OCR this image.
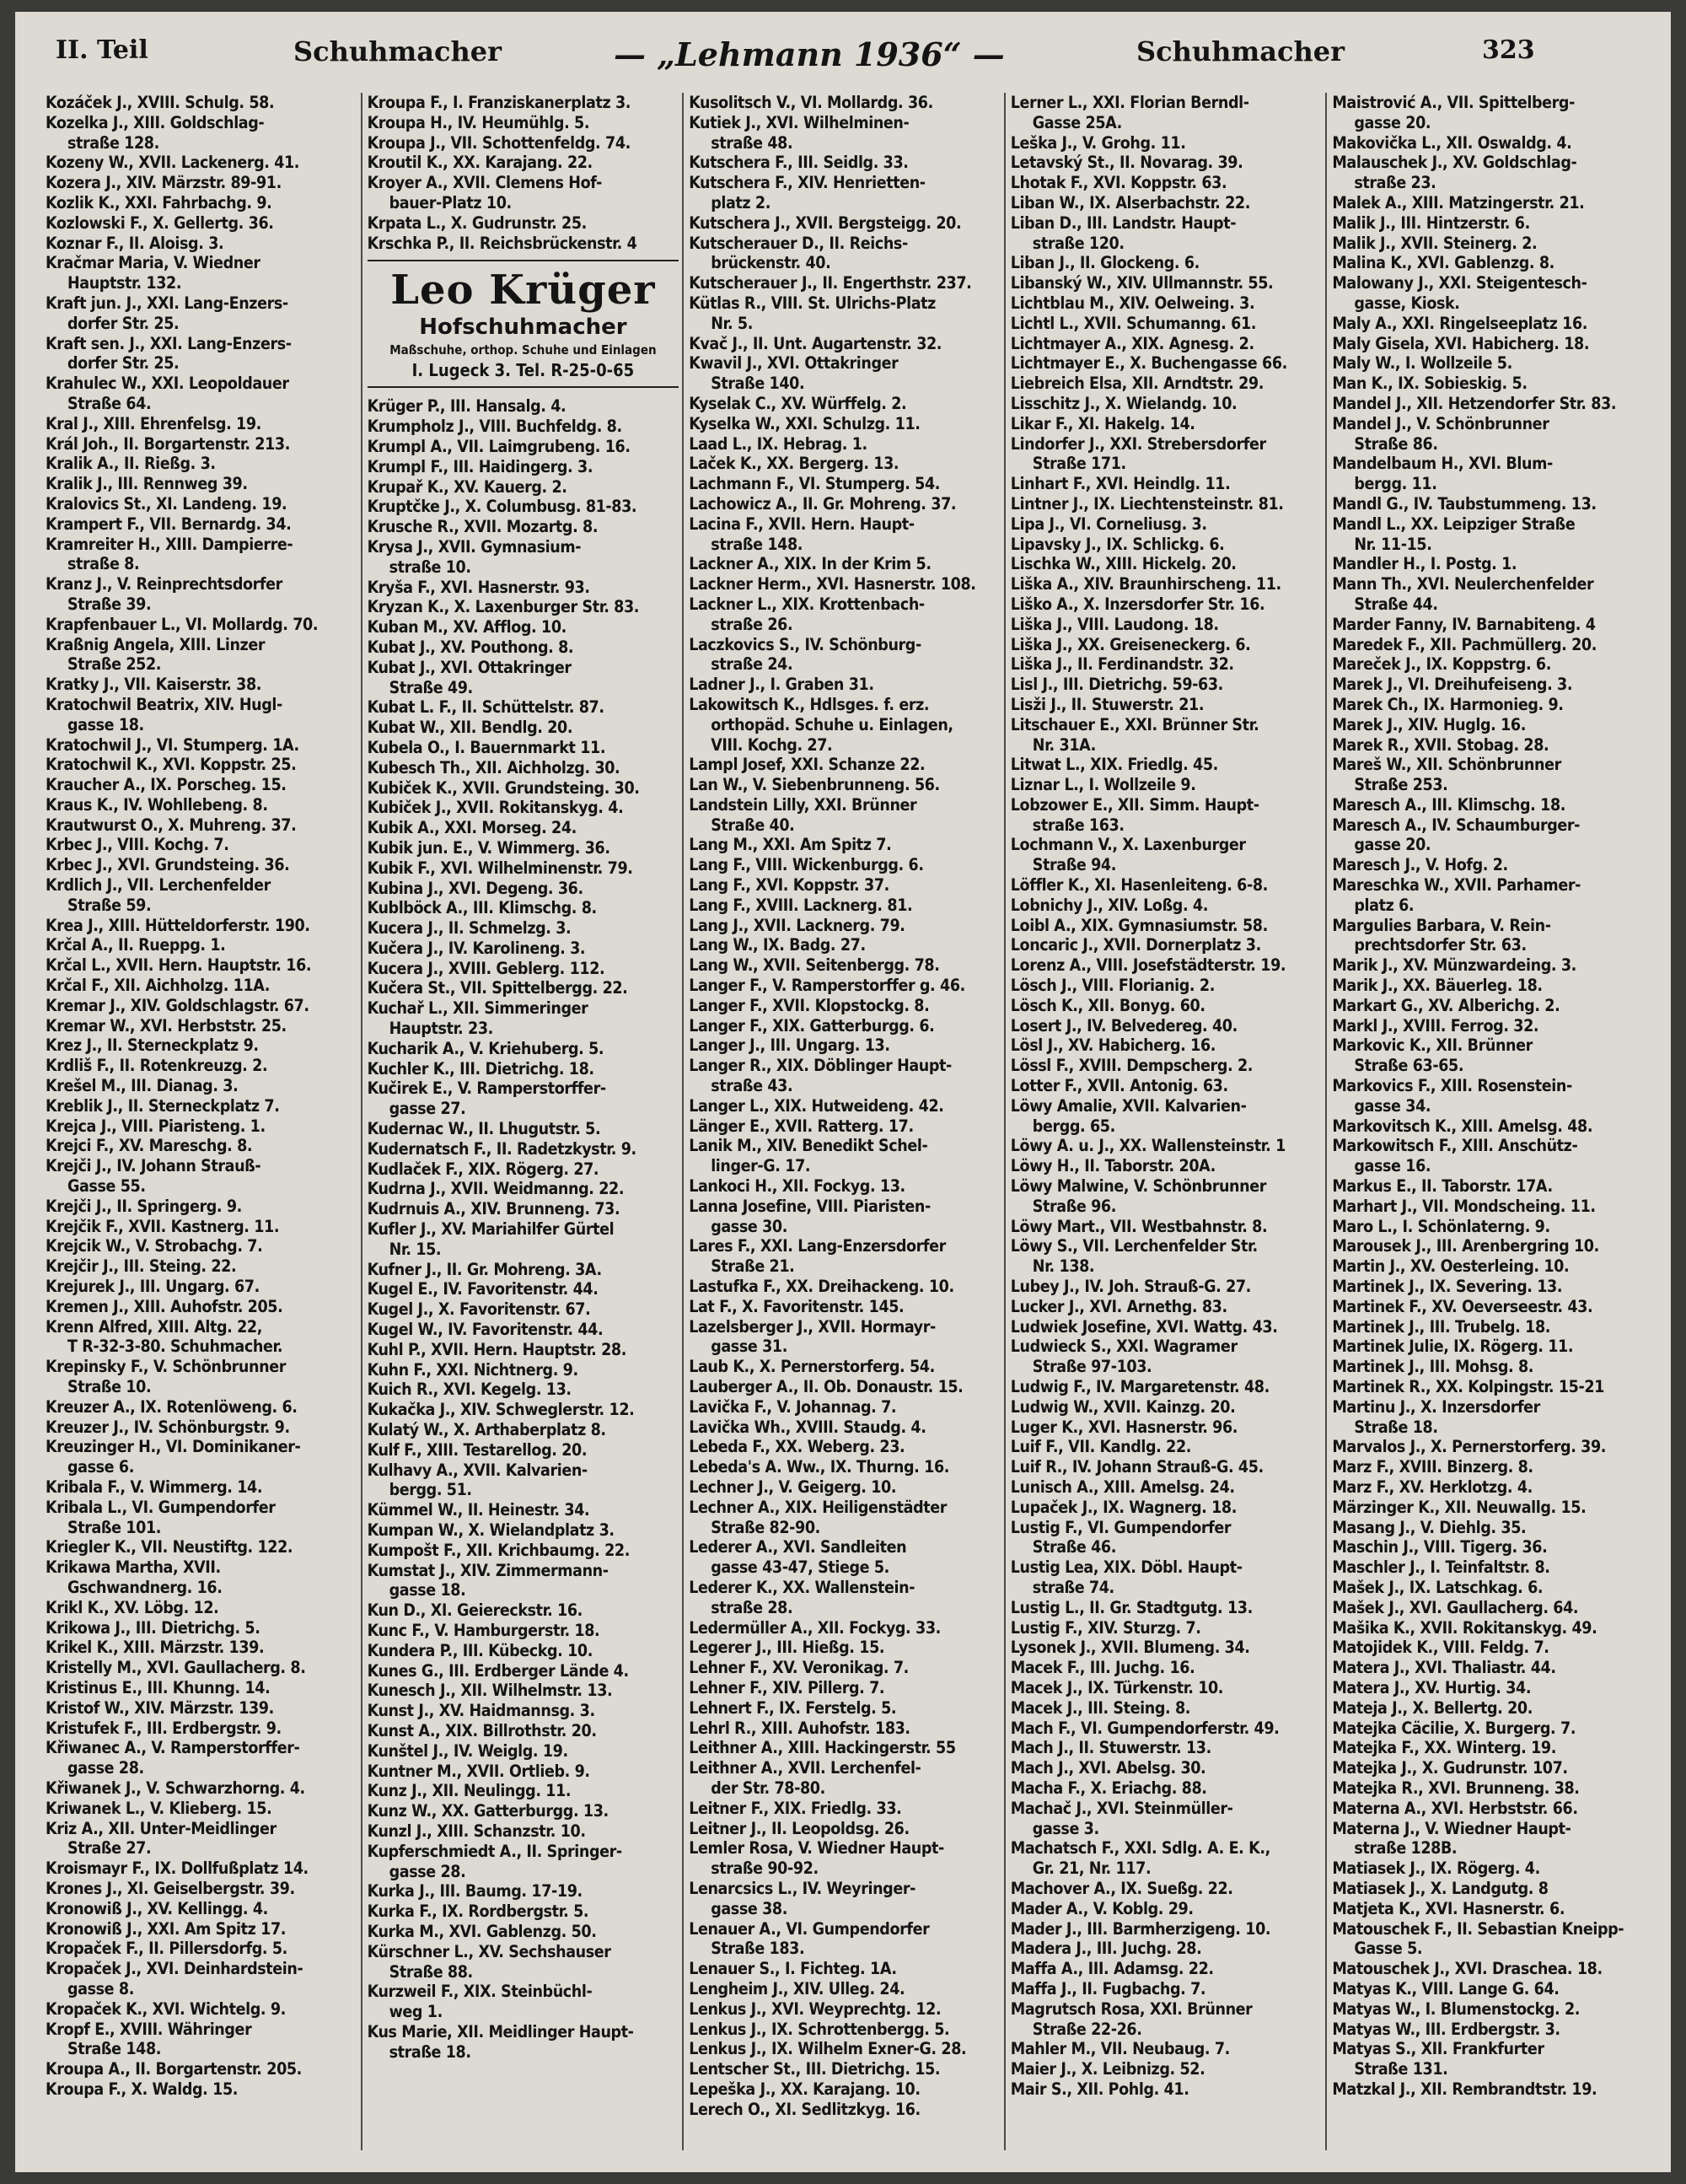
II. Teil	Schuhmacher	— „Lehmann 1936“ —	Schuhmacher	323
Kozáček J., XVIII. Schulg. 58.
Kozelka J., XIII. Goldschlag-
straße 128.
Kozeny W., XVII. Lackenerg. 41.
Kozera J., XIV. Märzstr. 89-91.
Kozlik K., XXI. Fahrbachg. 9.
Kozlowski F., X. Gellertg. 36.
Koznar F., II. Aloisg. 3.
Kračmar Maria, V. Wiedner
Hauptstr. 132.
Kraft jun. J., XXI. Lang-Enzers-
dorfer Str. 25.
Kraft sen. J., XXI. Lang-Enzers-
dorfer Str. 25.
Krahulec W., XXI. Leopoldauer
Straße 64.
Kral J., XIII. Ehrenfelsg. 19.
Král Joh., II. Borgartenstr. 213.
Kralik A., II. Rießg. 3.
Kralik J., III. Rennweg 39.
Kralovics St., XI. Landeng. 19.
Krampert F., VII. Bernardg. 34.
Kramreiter H., XIII. Dampierre-
straße 8.
Kranz J., V. Reinprechtsdorfer
Straße 39.
Krapfenbauer L., VI. Mollardg. 70.
Kraßnig Angela, XIII. Linzer
Straße 252.
Kratky J., VII. Kaiserstr. 38.
Kratochwil Beatrix, XIV. Hugl-
gasse 18.
Kratochwil J., VI. Stumperg. 1A.
Kratochwil K., XVI. Koppstr. 25.
Kraucher A., IX. Porscheg. 15.
Kraus K., IV. Wohllebeng. 8.
Krautwurst O., X. Muhreng. 37.
Krbec J., VIII. Kochg. 7.
Krbec J., XVI. Grundsteing. 36.
Krdlich J., VII. Lerchenfelder
Straße 59.
Krea J., XIII. Hütteldorferstr. 190.
Krčal A., II. Rueppg. 1.
Krčal L., XVII. Hern. Hauptstr. 16.
Krčal F., XII. Aichholzg. 11A.
Kremar J., XIV. Goldschlagstr. 67.
Kremar W., XVI. Herbststr. 25.
Krez J., II. Sterneckplatz 9.
Krdliš F., II. Rotenkreuzg. 2.
Krešel M., III. Dianag. 3.
Kreblik J., II. Sterneckplatz 7.
Krejca J., VIII. Piaristeng. 1.
Krejci F., XV. Mareschg. 8.
Krejči J., IV. Johann Strauß-
Gasse 55.
Krejči J., II. Springerg. 9.
Krejčik F., XVII. Kastnerg. 11.
Krejcik W., V. Strobachg. 7.
Krejčir J., III. Steing. 22.
Krejurek J., III. Ungarg. 67.
Kremen J., XIII. Auhofstr. 205.
Krenn Alfred, XIII. Altg. 22,
T R-32-3-80. Schuhmacher.
Krepinsky F., V. Schönbrunner
Straße 10.
Kreuzer A., IX. Rotenlöweng. 6.
Kreuzer J., IV. Schönburgstr. 9.
Kreuzinger H., VI. Dominikaner-
gasse 6.
Kribala F., V. Wimmerg. 14.
Kribala L., VI. Gumpendorfer
Straße 101.
Kriegler K., VII. Neustiftg. 122.
Krikawa Martha, XVII.
Gschwandnerg. 16.
Krikl K., XV. Löbg. 12.
Krikowa J., III. Dietrichg. 5.
Krikel K., XIII. Märzstr. 139.
Kristelly M., XVI. Gaullacherg. 8.
Kristinus E., III. Khunng. 14.
Kristof W., XIV. Märzstr. 139.
Kristufek F., III. Erdbergstr. 9.
Křiwanec A., V. Ramperstorffer-
gasse 28.
Křiwanek J., V. Schwarzhorng. 4.
Kriwanek L., V. Klieberg. 15.
Kriz A., XII. Unter-Meidlinger
Straße 27.
Kroismayr F., IX. Dollfußplatz 14.
Krones J., XI. Geiselbergstr. 39.
Kronowiß J., XV. Kellingg. 4.
Kronowiß J., XXI. Am Spitz 17.
Kropaček F., II. Pillersdorfg. 5.
Kropaček J., XVI. Deinhardstein-
gasse 8.
Kropaček K., XVI. Wichtelg. 9.
Kropf E., XVIII. Währinger
Straße 148.
Kroupa A., II. Borgartenstr. 205.
Kroupa F., X. Waldg. 15.
Kroupa F., I. Franziskanerplatz 3.
Kroupa H., IV. Heumühlg. 5.
Kroupa J., VII. Schottenfeldg. 74.
Kroutil K., XX. Karajang. 22.
Kroyer A., XVII. Clemens Hof-
bauer-Platz 10.
Krpata L., X. Gudrunstr. 25.
Krschka P., II. Reichsbrückenstr. 4
Leo Krüger
Hofschuhmacher
Maßschuhe, orthop. Schuhe und Einlagen
I. Lugeck 3. Tel. R-25-0-65
Krüger P., III. Hansalg. 4.
Krumpholz J., VIII. Buchfeldg. 8.
Krumpl A., VII. Laimgrubeng. 16.
Krumpl F., III. Haidingerg. 3.
Krupař K., XV. Kauerg. 2.
Kruptčke J., X. Columbusg. 81-83.
Krusche R., XVII. Mozartg. 8.
Krysa J., XVII. Gymnasium-
straße 10.
Kryša F., XVI. Hasnerstr. 93.
Kryzan K., X. Laxenburger Str. 83.
Kuban M., XV. Afflog. 10.
Kubat J., XV. Pouthong. 8.
Kubat J., XVI. Ottakringer
Straße 49.
Kubat L. F., II. Schüttelstr. 87.
Kubat W., XII. Bendlg. 20.
Kubela O., I. Bauernmarkt 11.
Kubesch Th., XII. Aichholzg. 30.
Kubiček K., XVII. Grundsteing. 30.
Kubiček J., XVII. Rokitanskyg. 4.
Kubik A., XXI. Morseg. 24.
Kubik jun. E., V. Wimmerg. 36.
Kubik F., XVI. Wilhelminenstr. 79.
Kubina J., XVI. Degeng. 36.
Kublböck A., III. Klimschg. 8.
Kucera J., II. Schmelzg. 3.
Kučera J., IV. Karolineng. 3.
Kucera J., XVIII. Geblerg. 112.
Kučera St., VII. Spittelbergg. 22.
Kuchař L., XII. Simmeringer
Hauptstr. 23.
Kucharik A., V. Kriehuberg. 5.
Kuchler K., III. Dietrichg. 18.
Kučirek E., V. Ramperstorffer-
gasse 27.
Kudernac W., II. Lhugutstr. 5.
Kudernatsch F., II. Radetzkystr. 9.
Kudlaček F., XIX. Rögerg. 27.
Kudrna J., XVII. Weidmanng. 22.
Kudrnuis A., XIV. Brunneng. 73.
Kufler J., XV. Mariahilfer Gürtel
Nr. 15.
Kufner J., II. Gr. Mohreng. 3A.
Kugel E., IV. Favoritenstr. 44.
Kugel J., X. Favoritenstr. 67.
Kugel W., IV. Favoritenstr. 44.
Kuhl P., XVII. Hern. Hauptstr. 28.
Kuhn F., XXI. Nichtnerg. 9.
Kuich R., XVI. Kegelg. 13.
Kukačka J., XIV. Schweglerstr. 12.
Kulatý W., X. Arthaberplatz 8.
Kulf F., XIII. Testarellog. 20.
Kulhavy A., XVII. Kalvarien-
bergg. 51.
Kümmel W., II. Heinestr. 34.
Kumpan W., X. Wielandplatz 3.
Kumpošt F., XII. Krichbaumg. 22.
Kumstat J., XIV. Zimmermann-
gasse 18.
Kun D., XI. Geiereckstr. 16.
Kunc F., V. Hamburgerstr. 18.
Kundera P., III. Kübeckg. 10.
Kunes G., III. Erdberger Lände 4.
Kunesch J., XII. Wilhelmstr. 13.
Kunst J., XV. Haidmannsg. 3.
Kunst A., XIX. Billrothstr. 20.
Kunštel J., IV. Weiglg. 19.
Kuntner M., XVII. Ortlieb. 9.
Kunz J., XII. Neulingg. 11.
Kunz W., XX. Gatterburgg. 13.
Kunzl J., XIII. Schanzstr. 10.
Kupferschmiedt A., II. Springer-
gasse 28.
Kurka J., III. Baumg. 17-19.
Kurka F., IX. Rordbergstr. 5.
Kurka M., XVI. Gablenzg. 50.
Kürschner L., XV. Sechshauser
Straße 88.
Kurzweil F., XIX. Steinbüchl-
weg 1.
Kus Marie, XII. Meidlinger Haupt-
straße 18.
Kusolitsch V., VI. Mollardg. 36.
Kutiek J., XVI. Wilhelminen-
straße 48.
Kutschera F., III. Seidlg. 33.
Kutschera F., XIV. Henrietten-
platz 2.
Kutschera J., XVII. Bergsteigg. 20.
Kutscherauer D., II. Reichs-
brückenstr. 40.
Kutscherauer J., II. Engerthstr. 237.
Kütlas R., VIII. St. Ulrichs-Platz
Nr. 5.
Kvač J., II. Unt. Augartenstr. 32.
Kwavil J., XVI. Ottakringer
Straße 140.
Kyselak C., XV. Würffelg. 2.
Kyselka W., XXI. Schulzg. 11.
Laad L., IX. Hebrag. 1.
Laček K., XX. Bergerg. 13.
Lachmann F., VI. Stumperg. 54.
Lachowicz A., II. Gr. Mohreng. 37.
Lacina F., XVII. Hern. Haupt-
straße 148.
Lackner A., XIX. In der Krim 5.
Lackner Herm., XVI. Hasnerstr. 108.
Lackner L., XIX. Krottenbach-
straße 26.
Laczkovics S., IV. Schönburg-
straße 24.
Ladner J., I. Graben 31.
Lakowitsch K., Hdlsges. f. erz.
orthopäd. Schuhe u. Einlagen,
VIII. Kochg. 27.
Lampl Josef, XXI. Schanze 22.
Lan W., V. Siebenbrunneng. 56.
Landstein Lilly, XXI. Brünner
Straße 40.
Lang M., XXI. Am Spitz 7.
Lang F., VIII. Wickenburgg. 6.
Lang F., XVI. Koppstr. 37.
Lang F., XVIII. Lacknerg. 81.
Lang J., XVII. Lacknerg. 79.
Lang W., IX. Badg. 27.
Lang W., XVII. Seitenbergg. 78.
Langer F., V. Ramperstorffer g. 46.
Langer F., XVII. Klopstockg. 8.
Langer F., XIX. Gatterburgg. 6.
Langer J., III. Ungarg. 13.
Langer R., XIX. Döblinger Haupt-
straße 43.
Langer L., XIX. Hutweideng. 42.
Länger E., XVII. Ratterg. 17.
Lanik M., XIV. Benedikt Schel-
linger-G. 17.
Lankoci H., XII. Fockyg. 13.
Lanna Josefine, VIII. Piaristen-
gasse 30.
Lares F., XXI. Lang-Enzersdorfer
Straße 21.
Lastufka F., XX. Dreihackeng. 10.
Lat F., X. Favoritenstr. 145.
Lazelsberger J., XVII. Hormayr-
gasse 31.
Laub K., X. Pernerstorferg. 54.
Lauberger A., II. Ob. Donaustr. 15.
Lavička F., V. Johannag. 7.
Lavička Wh., XVIII. Staudg. 4.
Lebeda F., XX. Weberg. 23.
Lebeda's A. Ww., IX. Thurng. 16.
Lechner J., V. Geigerg. 10.
Lechner A., XIX. Heiligenstädter
Straße 82-90.
Lederer A., XVI. Sandleiten
gasse 43-47, Stiege 5.
Lederer K., XX. Wallenstein-
straße 28.
Ledermüller A., XII. Fockyg. 33.
Legerer J., III. Hießg. 15.
Lehner F., XV. Veronikag. 7.
Lehner F., XIV. Pillerg. 7.
Lehnert F., IX. Ferstelg. 5.
Lehrl R., XIII. Auhofstr. 183.
Leithner A., XIII. Hackingerstr. 55
Leithner A., XVII. Lerchenfel-
der Str. 78-80.
Leitner F., XIX. Friedlg. 33.
Leitner J., II. Leopoldsg. 26.
Lemler Rosa, V. Wiedner Haupt-
straße 90-92.
Lenarcsics L., IV. Weyringer-
gasse 38.
Lenauer A., VI. Gumpendorfer
Straße 183.
Lenauer S., I. Fichteg. 1A.
Lengheim J., XIV. Ulleg. 24.
Lenkus J., XVI. Weyprechtg. 12.
Lenkus J., IX. Schrottenbergg. 5.
Lenkus J., IX. Wilhelm Exner-G. 28.
Lentscher St., III. Dietrichg. 15.
Lepeška J., XX. Karajang. 10.
Lerech O., XI. Sedlitzkyg. 16.
Lerner L., XXI. Florian Berndl-
Gasse 25A.
Leška J., V. Grohg. 11.
Letavský St., II. Novarag. 39.
Lhotak F., XVI. Koppstr. 63.
Liban W., IX. Alserbachstr. 22.
Liban D., III. Landstr. Haupt-
straße 120.
Liban J., II. Glockeng. 6.
Libanský W., XIV. Ullmannstr. 55.
Lichtblau M., XIV. Oelweing. 3.
Lichtl L., XVII. Schumanng. 61.
Lichtmayer A., XIX. Agnesg. 2.
Lichtmayer E., X. Buchengasse 66.
Liebreich Elsa, XII. Arndtstr. 29.
Lisschitz J., X. Wielandg. 10.
Likar F., XI. Hakelg. 14.
Lindorfer J., XXI. Strebersdorfer
Straße 171.
Linhart F., XVI. Heindlg. 11.
Lintner J., IX. Liechtensteinstr. 81.
Lipa J., VI. Corneliusg. 3.
Lipavsky J., IX. Schlickg. 6.
Lischka W., XIII. Hickelg. 20.
Liška A., XIV. Braunhirscheng. 11.
Liško A., X. Inzersdorfer Str. 16.
Liška J., VIII. Laudong. 18.
Liška J., XX. Greiseneckerg. 6.
Liška J., II. Ferdinandstr. 32.
Lisl J., III. Dietrichg. 59-63.
Lisži J., II. Stuwerstr. 21.
Litschauer E., XXI. Brünner Str.
Nr. 31A.
Litwat L., XIX. Friedlg. 45.
Liznar L., I. Wollzeile 9.
Lobzower E., XII. Simm. Haupt-
straße 163.
Lochmann V., X. Laxenburger
Straße 94.
Löffler K., XI. Hasenleiteng. 6-8.
Lobnichy J., XIV. Loßg. 4.
Loibl A., XIX. Gymnasiumstr. 58.
Loncaric J., XVII. Dornerplatz 3.
Lorenz A., VIII. Josefstädterstr. 19.
Lösch J., VIII. Florianig. 2.
Lösch K., XII. Bonyg. 60.
Losert J., IV. Belvedereg. 40.
Lösl J., XV. Habicherg. 16.
Lössl F., XVIII. Dempscherg. 2.
Lotter F., XVII. Antonig. 63.
Löwy Amalie, XVII. Kalvarien-
bergg. 65.
Löwy A. u. J., XX. Wallensteinstr. 1
Löwy H., II. Taborstr. 20A.
Löwy Malwine, V. Schönbrunner
Straße 96.
Löwy Mart., VII. Westbahnstr. 8.
Löwy S., VII. Lerchenfelder Str.
Nr. 138.
Lubey J., IV. Joh. Strauß-G. 27.
Lucker J., XVI. Arnethg. 83.
Ludwiek Josefine, XVI. Wattg. 43.
Ludwieck S., XXI. Wagramer
Straße 97-103.
Ludwig F., IV. Margaretenstr. 48.
Ludwig W., XVII. Kainzg. 20.
Luger K., XVI. Hasnerstr. 96.
Luif F., VII. Kandlg. 22.
Luif R., IV. Johann Strauß-G. 45.
Lunisch A., XIII. Amelsg. 24.
Lupaček J., IX. Wagnerg. 18.
Lustig F., VI. Gumpendorfer
Straße 46.
Lustig Lea, XIX. Döbl. Haupt-
straße 74.
Lustig L., II. Gr. Stadtgutg. 13.
Lustig F., XIV. Sturzg. 7.
Lysonek J., XVII. Blumeng. 34.
Macek F., III. Juchg. 16.
Macek J., IX. Türkenstr. 10.
Macek J., III. Steing. 8.
Mach F., VI. Gumpendorferstr. 49.
Mach J., II. Stuwerstr. 13.
Mach J., XVI. Abelsg. 30.
Macha F., X. Eriachg. 88.
Machač J., XVI. Steinmüller-
gasse 3.
Machatsch F., XXI. Sdlg. A. E. K.,
Gr. 21, Nr. 117.
Machover A., IX. Sueßg. 22.
Mader A., V. Koblg. 29.
Mader J., III. Barmherzigeng. 10.
Madera J., III. Juchg. 28.
Maffa A., III. Adamsg. 22.
Maffa J., II. Fugbachg. 7.
Magrutsch Rosa, XXI. Brünner
Straße 22-26.
Mahler M., VII. Neubaug. 7.
Maier J., X. Leibnizg. 52.
Mair S., XII. Pohlg. 41.
Maistrović A., VII. Spittelberg-
gasse 20.
Makovička L., XII. Oswaldg. 4.
Malauschek J., XV. Goldschlag-
straße 23.
Malek A., XIII. Matzingerstr. 21.
Malik J., III. Hintzerstr. 6.
Malik J., XVII. Steinerg. 2.
Malina K., XVI. Gablenzg. 8.
Malowany J., XXI. Steigentesch-
gasse, Kiosk.
Maly A., XXI. Ringelseeplatz 16.
Maly Gisela, XVI. Habicherg. 18.
Maly W., I. Wollzeile 5.
Man K., IX. Sobieskig. 5.
Mandel J., XII. Hetzendorfer Str. 83.
Mandel J., V. Schönbrunner
Straße 86.
Mandelbaum H., XVI. Blum-
bergg. 11.
Mandl G., IV. Taubstummeng. 13.
Mandl L., XX. Leipziger Straße
Nr. 11-15.
Mandler H., I. Postg. 1.
Mann Th., XVI. Neulerchenfelder
Straße 44.
Marder Fanny, IV. Barnabiteng. 4
Maredek F., XII. Pachmüllerg. 20.
Mareček J., IX. Koppstrg. 6.
Marek J., VI. Dreihufeiseng. 3.
Marek Ch., IX. Harmonieg. 9.
Marek J., XIV. Huglg. 16.
Marek R., XVII. Stobag. 28.
Mareš W., XII. Schönbrunner
Straße 253.
Maresch A., III. Klimschg. 18.
Maresch A., IV. Schaumburger-
gasse 20.
Maresch J., V. Hofg. 2.
Mareschka W., XVII. Parhamer-
platz 6.
Margulies Barbara, V. Rein-
prechtsdorfer Str. 63.
Marik J., XV. Münzwardeing. 3.
Marik J., XX. Bäuerleg. 18.
Markart G., XV. Alberichg. 2.
Markl J., XVIII. Ferrog. 32.
Markovic K., XII. Brünner
Straße 63-65.
Markovics F., XIII. Rosenstein-
gasse 34.
Markovitsch K., XIII. Amelsg. 48.
Markowitsch F., XIII. Anschütz-
gasse 16.
Markus E., II. Taborstr. 17A.
Marhart J., VII. Mondscheing. 11.
Maro L., I. Schönlaterng. 9.
Marousek J., III. Arenbergring 10.
Martin J., XV. Oesterleing. 10.
Martinek J., IX. Severing. 13.
Martinek F., XV. Oeverseestr. 43.
Martinek J., III. Trubelg. 18.
Martinek Julie, IX. Rögerg. 11.
Martinek J., III. Mohsg. 8.
Martinek R., XX. Kolpingstr. 15-21
Martinu J., X. Inzersdorfer
Straße 18.
Marvalos J., X. Pernerstorferg. 39.
Marz F., XVIII. Binzerg. 8.
Marz F., XV. Herklotzg. 4.
Märzinger K., XII. Neuwallg. 15.
Masang J., V. Diehlg. 35.
Maschin J., VIII. Tigerg. 36.
Maschler J., I. Teinfaltstr. 8.
Mašek J., IX. Latschkag. 6.
Mašek J., XVI. Gaullacherg. 64.
Mašika K., XVII. Rokitanskyg. 49.
Matojidek K., VIII. Feldg. 7.
Matera J., XVI. Thaliastr. 44.
Matera J., XV. Hurtig. 34.
Mateja J., X. Bellertg. 20.
Matejka Cäcilie, X. Burgerg. 7.
Matejka F., XX. Winterg. 19.
Matejka J., X. Gudrunstr. 107.
Matejka R., XVI. Brunneng. 38.
Materna A., XVI. Herbststr. 66.
Materna J., V. Wiedner Haupt-
straße 128B.
Matiasek J., IX. Rögerg. 4.
Matiasek J., X. Landgutg. 8
Matjeta K., XVI. Hasnerstr. 6.
Matouschek F., II. Sebastian Kneipp-
Gasse 5.
Matouschek J., XVI. Draschea. 18.
Matyas K., VIII. Lange G. 64.
Matyas W., I. Blumenstockg. 2.
Matyas W., III. Erdbergstr. 3.
Matyas S., XII. Frankfurter
Straße 131.
Matzkal J., XII. Rembrandtstr. 19.
